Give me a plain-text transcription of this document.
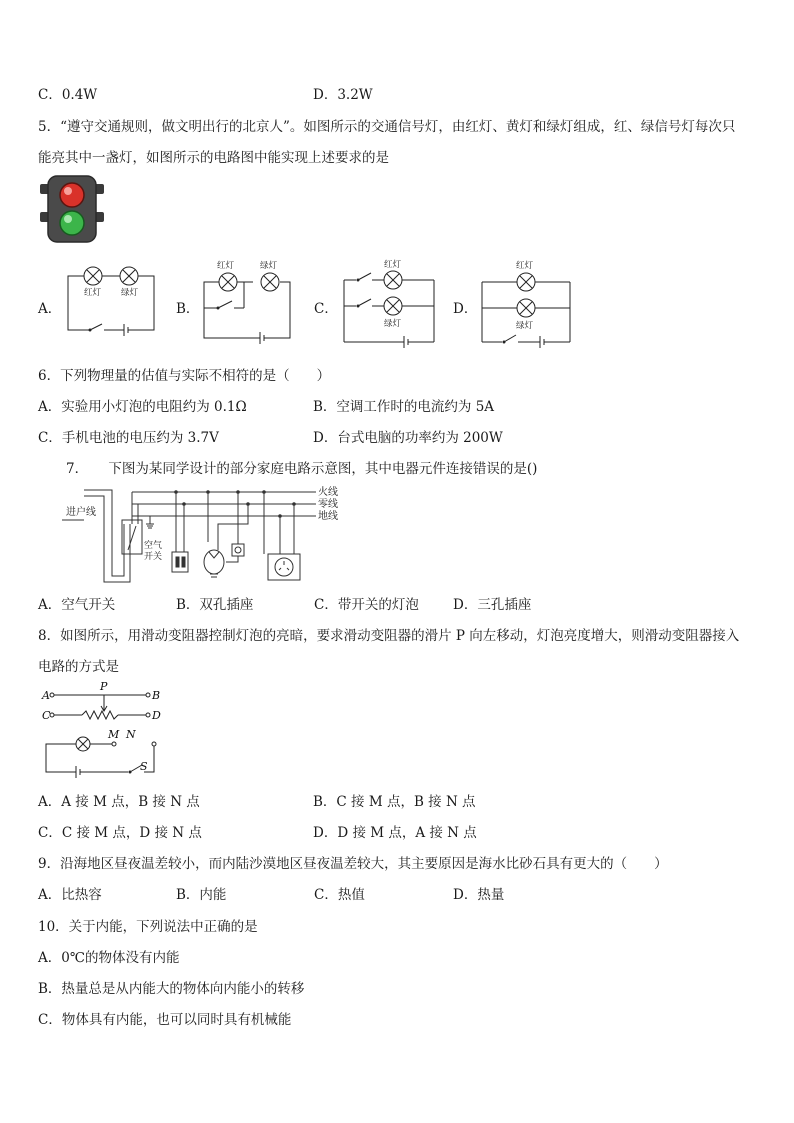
C．0.4W	D．3.2W
5．“遵守交通规则，做文明出行的北京人”。如图所示的交通信号灯，由红灯、黄灯和绿灯组成，红、绿信号灯每次只
能亮其中一盏灯，如图所示的电路图中能实现上述要求的是
A．	B．	C．	D．
红灯 绿灯
红灯	绿灯	红灯
绿灯
红灯
绿灯
6．下列物理量的估值与实际不相符的是（　　）
A．实验用小灯泡的电阻约为 0.1Ω	B．空调工作时的电流约为 5A
C．手机电池的电压约为 3.7V	D．台式电脑的功率约为 200W
7．　　下图为某同学设计的部分家庭电路示意图，其中电器元件连接错误的是()
进户线
空气
开关
火线
零线
地线
A．空气开关	B．双孔插座	C．带开关的灯泡	D．三孔插座
8．如图所示，用滑动变阻器控制灯泡的亮暗，要求滑动变阻器的滑片 P 向左移动，灯泡亮度增大，则滑动变阻器接入
电路的方式是
A	B
C	D
P
M N
S
A．A 接 M 点，B 接 N 点	B．C 接 M 点，B 接 N 点
C．C 接 M 点，D 接 N 点	D．D 接 M 点，A 接 N 点
9．沿海地区昼夜温差较小，而内陆沙漠地区昼夜温差较大，其主要原因是海水比砂石具有更大的（　　）
A．比热容	B．内能	C．热值	D．热量
10．关于内能，下列说法中正确的是
A．0℃的物体没有内能
B．热量总是从内能大的物体向内能小的转移
C．物体具有内能，也可以同时具有机械能
